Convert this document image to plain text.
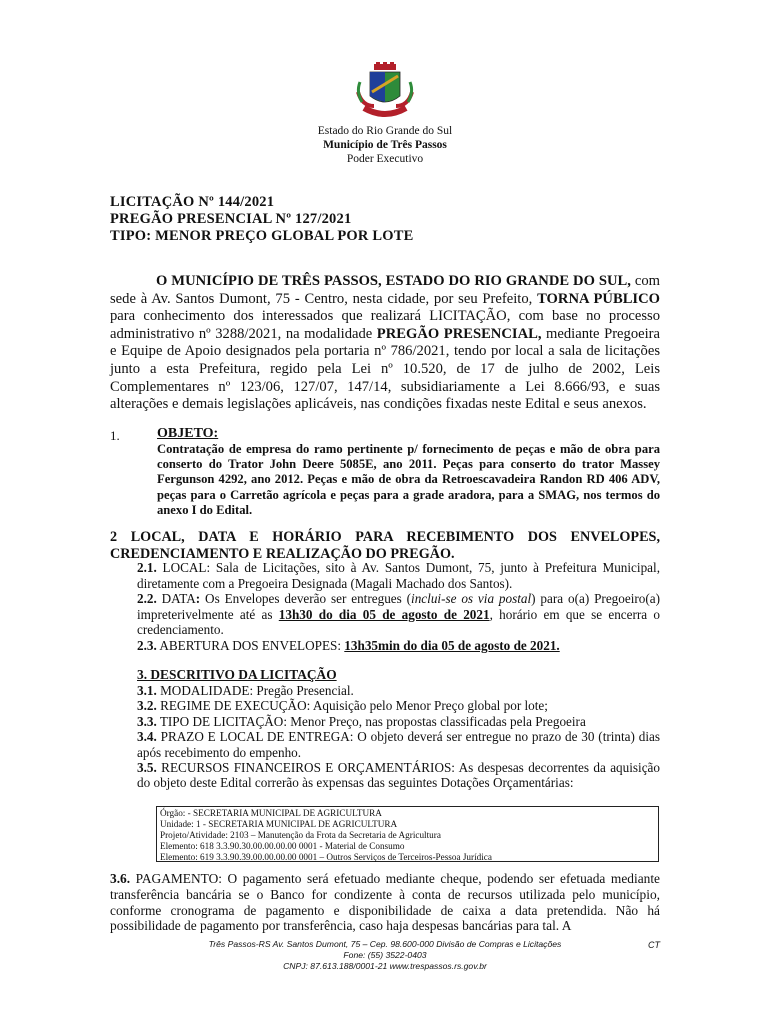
Estado do Rio Grande do Sul
Município de Três Passos
Poder Executivo
LICITAÇÃO Nº 144/2021
PREGÃO PRESENCIAL Nº 127/2021
TIPO: MENOR PREÇO GLOBAL POR LOTE
O MUNICÍPIO DE TRÊS PASSOS, ESTADO DO RIO GRANDE DO SUL, com sede à Av. Santos Dumont, 75 - Centro, nesta cidade, por seu Prefeito, TORNA PÚBLICO para conhecimento dos interessados que realizará LICITAÇÃO, com base no processo administrativo nº 3288/2021, na modalidade PREGÃO PRESENCIAL, mediante Pregoeira e Equipe de Apoio designados pela portaria nº 786/2021, tendo por local a sala de licitações junto a esta Prefeitura, regido pela Lei nº 10.520, de 17 de julho de 2002, Leis Complementares nº 123/06, 127/07, 147/14, subsidiariamente a Lei 8.666/93, e suas alterações e demais legislações aplicáveis, nas condições fixadas neste Edital e seus anexos.
1.	OBJETO:
Contratação de empresa do ramo pertinente p/ fornecimento de peças e mão de obra para conserto do Trator John Deere 5085E, ano 2011. Peças para conserto do trator Massey Fergunson 4292, ano 2012. Peças e mão de obra da Retroescavadeira Randon RD 406 ADV, peças para o Carretão agrícola e peças para a grade aradora, para a SMAG, nos termos do anexo I do Edital.
2 LOCAL, DATA E HORÁRIO PARA RECEBIMENTO DOS ENVELOPES, CREDENCIAMENTO E REALIZAÇÃO DO PREGÃO.
2.1. LOCAL: Sala de Licitações, sito à Av. Santos Dumont, 75, junto à Prefeitura Municipal, diretamente com a Pregoeira Designada (Magali Machado dos Santos).
2.2. DATA: Os Envelopes deverão ser entregues (inclui-se os via postal) para o(a) Pregoeiro(a) impreterivelmente até as 13h30 do dia 05 de agosto de 2021, horário em que se encerra o credenciamento.
2.3. ABERTURA DOS ENVELOPES: 13h35min do dia 05 de agosto de 2021.
3. DESCRITIVO DA LICITAÇÃO
3.1. MODALIDADE: Pregão Presencial.
3.2. REGIME DE EXECUÇÃO: Aquisição pelo Menor Preço global por lote;
3.3. TIPO DE LICITAÇÃO: Menor Preço, nas propostas classificadas pela Pregoeira
3.4. PRAZO E LOCAL DE ENTREGA: O objeto deverá ser entregue no prazo de 30 (trinta) dias após recebimento do empenho.
3.5. RECURSOS FINANCEIROS E ORÇAMENTÁRIOS: As despesas decorrentes da aquisição do objeto deste Edital correrão às expensas das seguintes Dotações Orçamentárias:
Órgão: - SECRETARIA MUNICIPAL DE AGRICULTURA
Unidade: 1 - SECRETARIA MUNICIPAL DE AGRICULTURA
Projeto/Atividade: 2103 – Manutenção da Frota da Secretaria de Agricultura
Elemento: 618 3.3.90.30.00.00.00.00 0001 - Material de Consumo
Elemento: 619 3.3.90.39.00.00.00.00 0001 – Outros Serviços de Terceiros-Pessoa Jurídica
3.6. PAGAMENTO: O pagamento será efetuado mediante cheque, podendo ser efetuada mediante transferência bancária se o Banco for condizente à conta de recursos utilizada pelo município, conforme cronograma de pagamento e disponibilidade de caixa a data pretendida. Não há possibilidade de pagamento por transferência, caso haja despesas bancárias para tal. A
Três Passos-RS Av. Santos Dumont, 75 – Cep. 98.600-000 Divisão de Compras e Licitações
Fone: (55) 3522-0403
CNPJ: 87.613.188/0001-21 www.trespassos.rs.gov.br
CT
